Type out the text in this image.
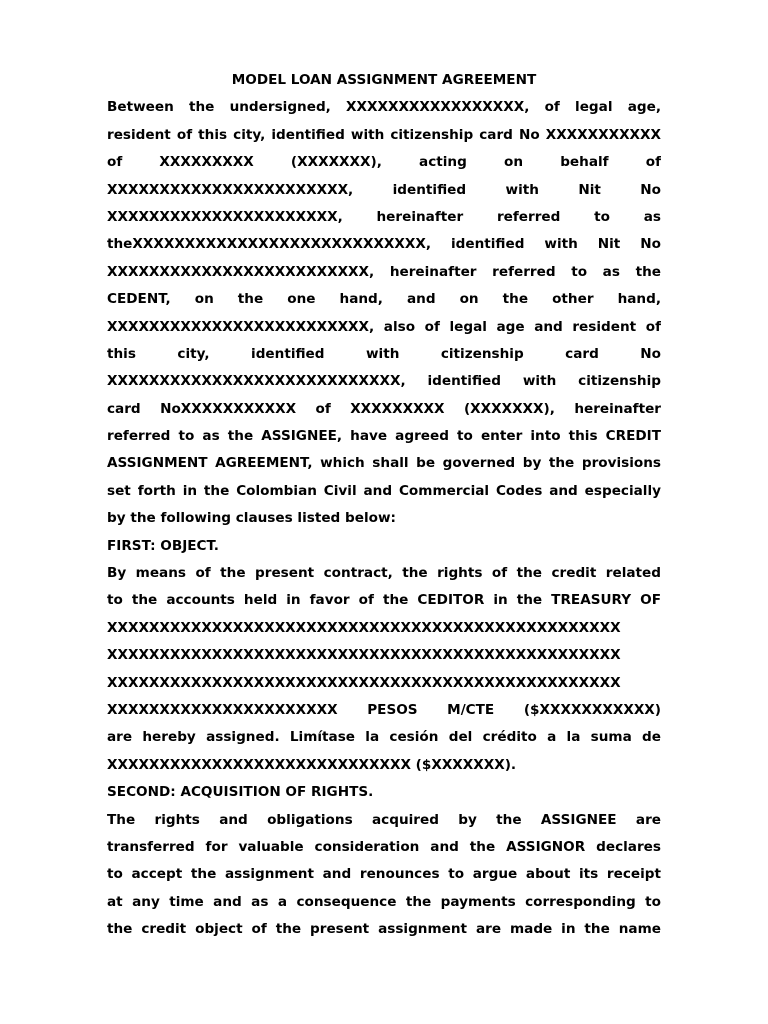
MODEL LOAN ASSIGNMENT AGREEMENT
Between the undersigned, XXXXXXXXXXXXXXXXX, of legal age,
resident of this city, identified with citizenship card No XXXXXXXXXXX
of XXXXXXXXX (XXXXXXX), acting on behalf of
XXXXXXXXXXXXXXXXXXXXXXX, identified with Nit No
XXXXXXXXXXXXXXXXXXXXXX, hereinafter referred to as
theXXXXXXXXXXXXXXXXXXXXXXXXXXXX, identified with Nit No
XXXXXXXXXXXXXXXXXXXXXXXXX, hereinafter referred to as the
CEDENT, on the one hand, and on the other hand,
XXXXXXXXXXXXXXXXXXXXXXXXX, also of legal age and resident of
this city, identified with citizenship card No
XXXXXXXXXXXXXXXXXXXXXXXXXXXX, identified with citizenship
card NoXXXXXXXXXXX of XXXXXXXXX (XXXXXXX), hereinafter
referred to as the ASSIGNEE, have agreed to enter into this CREDIT
ASSIGNMENT AGREEMENT, which shall be governed by the provisions
set forth in the Colombian Civil and Commercial Codes and especially
by the following clauses listed below:
FIRST: OBJECT.
By means of the present contract, the rights of the credit related
to the accounts held in favor of the CEDITOR in the TREASURY OF
XXXXXXXXXXXXXXXXXXXXXXXXXXXXXXXXXXXXXXXXXXXXXXXXX
XXXXXXXXXXXXXXXXXXXXXXXXXXXXXXXXXXXXXXXXXXXXXXXXX
XXXXXXXXXXXXXXXXXXXXXXXXXXXXXXXXXXXXXXXXXXXXXXXXX
XXXXXXXXXXXXXXXXXXXXXX PESOS M/CTE ($XXXXXXXXXXX)
are hereby assigned. Limítase la cesión del crédito a la suma de
XXXXXXXXXXXXXXXXXXXXXXXXXXXXX ($XXXXXXX).
SECOND: ACQUISITION OF RIGHTS.
The rights and obligations acquired by the ASSIGNEE are
transferred for valuable consideration and the ASSIGNOR declares
to accept the assignment and renounces to argue about its receipt
at any time and as a consequence the payments corresponding to
the credit object of the present assignment are made in the name
